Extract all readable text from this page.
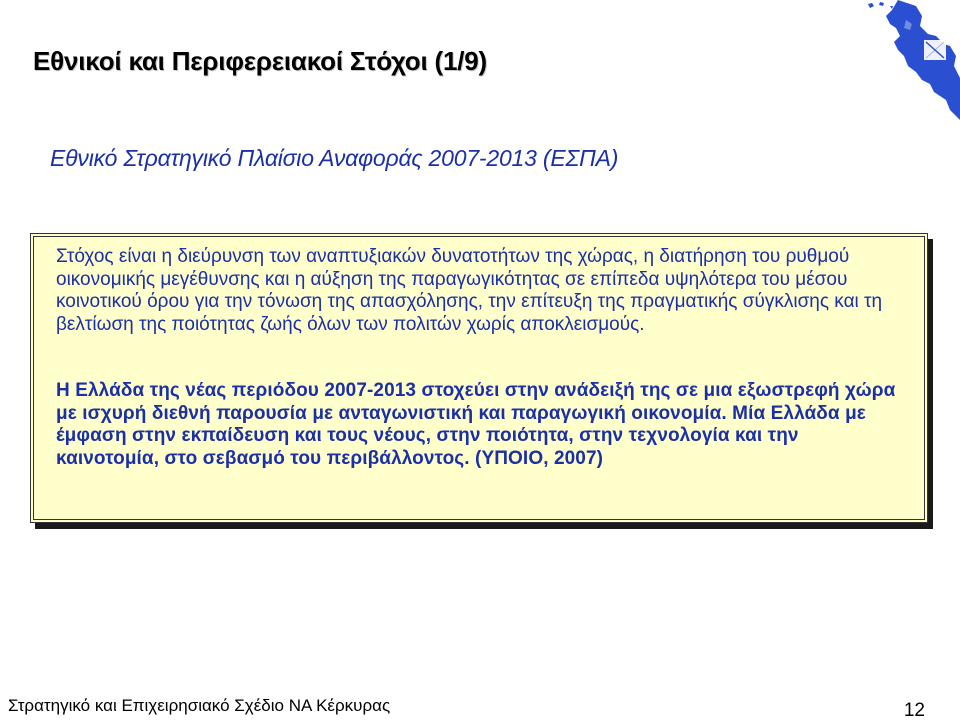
Εθνικοί και Περιφερειακοί Στόχοι (1/9)
Εθνικό Στρατηγικό Πλαίσιο Αναφοράς 2007-2013 (ΕΣΠΑ)

Στόχος είναι η διεύρυνση των αναπτυξιακών δυνατοτήτων της χώρας, η διατήρηση του ρυθμού οικονομικής μεγέθυνσης και η αύξηση της παραγωγικότητας σε επίπεδα υψηλότερα του μέσου κοινοτικού όρου για την τόνωση της απασχόλησης, την επίτευξη της πραγματικής σύγκλισης και τη βελτίωση της ποιότητας ζωής όλων των πολιτών χωρίς αποκλεισμούς.

Η Ελλάδα της νέας περιόδου 2007-2013 στοχεύει στην ανάδειξή της σε μια εξωστρεφή χώρα με ισχυρή διεθνή παρουσία με ανταγωνιστική και παραγωγική οικονομία. Μία Ελλάδα με έμφαση στην εκπαίδευση και τους νέους, στην ποιότητα, στην τεχνολογία και την καινοτομία, στο σεβασμό του περιβάλλοντος. (ΥΠΟΙΟ, 2007)

Στρατηγικό και Επιχειρησιακό Σχέδιο ΝΑ Κέρκυρας	12
